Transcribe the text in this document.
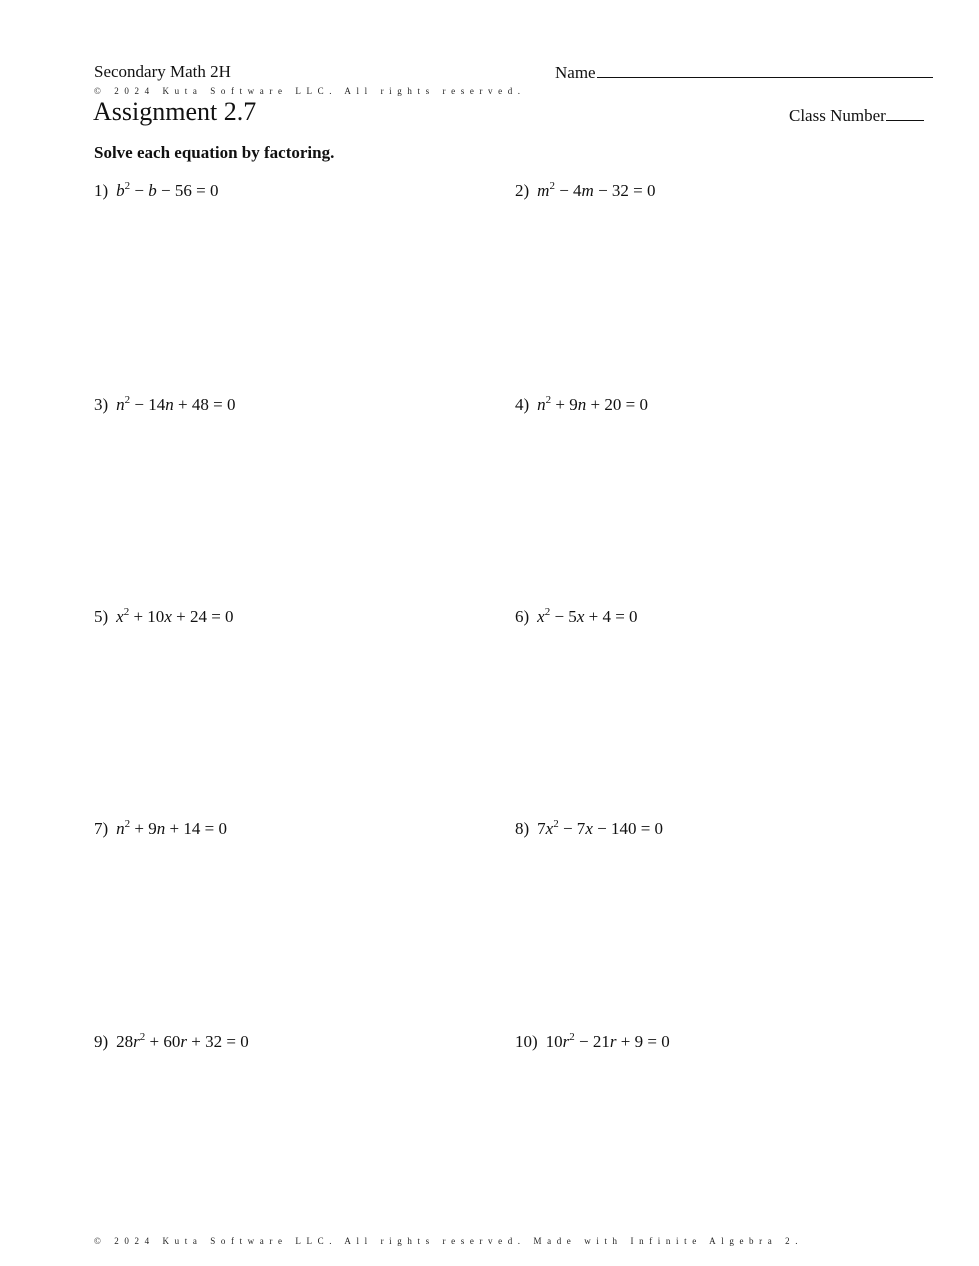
Secondary Math 2H	Name
© 2024 Kuta Software LLC. All rights reserved.
Assignment 2.7	Class Number
Solve each equation by factoring.
1) $b^2 - b - 56 = 0$	2) $m^2 - 4m - 32 = 0$
3) $n^2 - 14n + 48 = 0$	4) $n^2 + 9n + 20 = 0$
5) $x^2 + 10x + 24 = 0$	6) $x^2 - 5x + 4 = 0$
7) $n^2 + 9n + 14 = 0$	8) $7x^2 - 7x - 140 = 0$
9) $28r^2 + 60r + 32 = 0$	10) $10r^2 - 21r + 9 = 0$
© 2024 Kuta Software LLC. All rights reserved. Made with Infinite Algebra 2.
